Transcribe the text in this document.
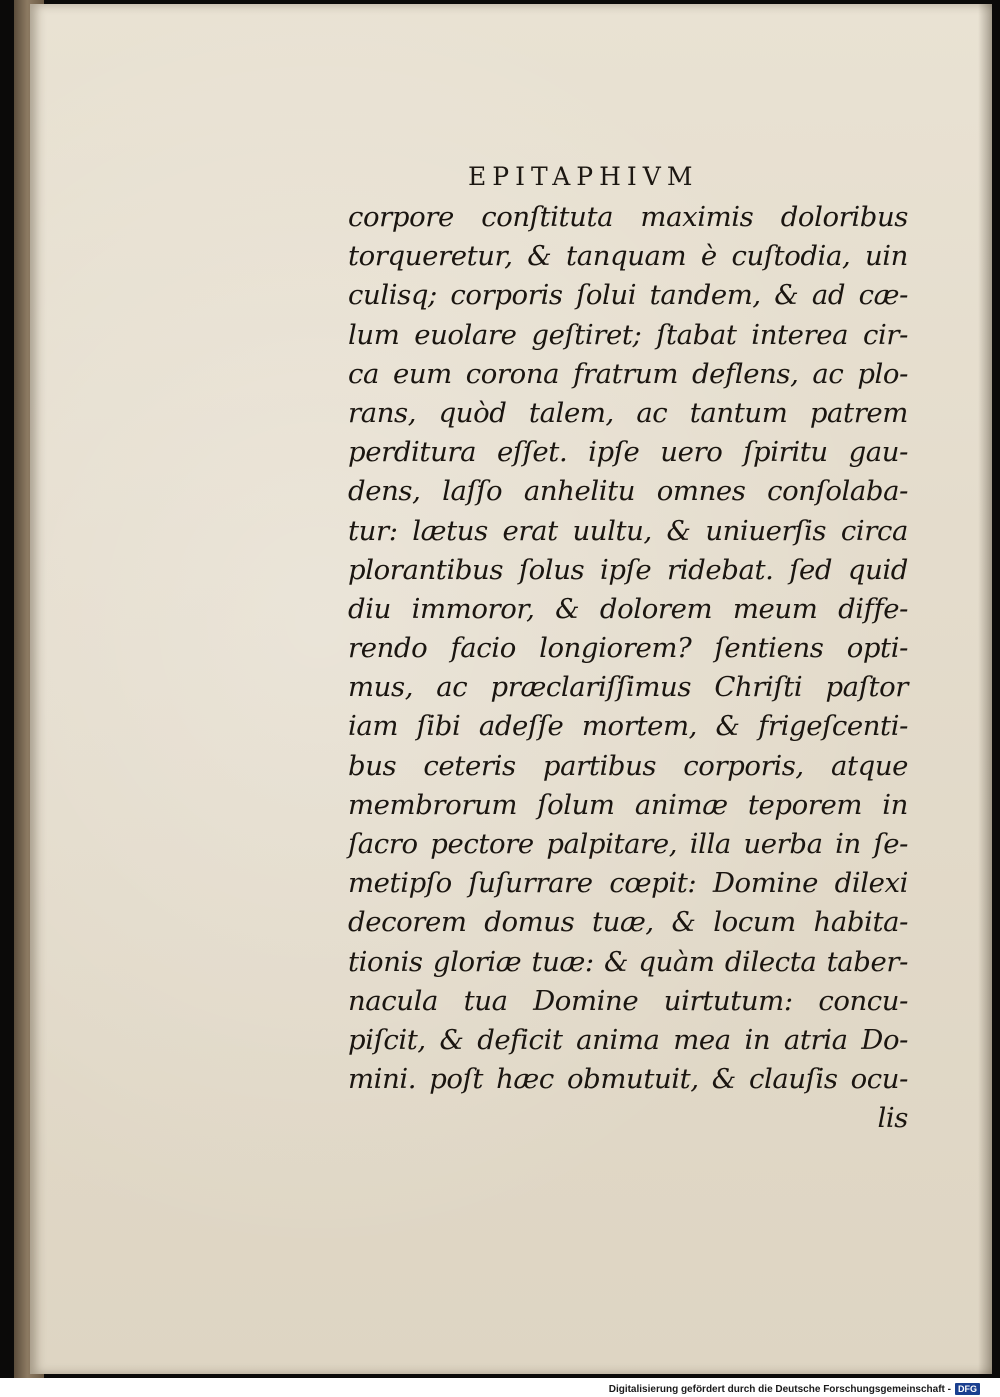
EPITAPHIVM
corpore conſtituta maximis doloribus
torqueretur, & tanquam è cuſtodia, uin
culisq; corporis ſolui tandem, & ad cæ-
lum euolare geſtiret; ſtabat interea cir-
ca eum corona fratrum deflens, ac plo-
rans, quòd talem, ac tantum patrem
perditura eſſet. ipſe uero ſpiritu gau-
dens, laſſo anhelitu omnes conſolaba-
tur: lætus erat uultu, & uniuerſis circa
plorantibus ſolus ipſe ridebat. ſed quid
diu immoror, & dolorem meum diffe-
rendo facio longiorem? ſentiens opti-
mus, ac præclariſſimus Chriſti paſtor
iam ſibi adeſſe mortem, & frigeſcenti-
bus ceteris partibus corporis, atque
membrorum ſolum animæ teporem in
ſacro pectore palpitare, illa uerba in ſe-
metipſo ſuſurrare cœpit: Domine dilexi
decorem domus tuæ, & locum habita-
tionis gloriæ tuæ: & quàm dilecta taber-
nacula tua Domine uirtutum: concu-
piſcit, & deficit anima mea in atria Do-
mini. poſt hæc obmutuit, & clauſis ocu-
lis
Digitalisierung gefördert durch die Deutsche Forschungsgemeinschaft - DFG
